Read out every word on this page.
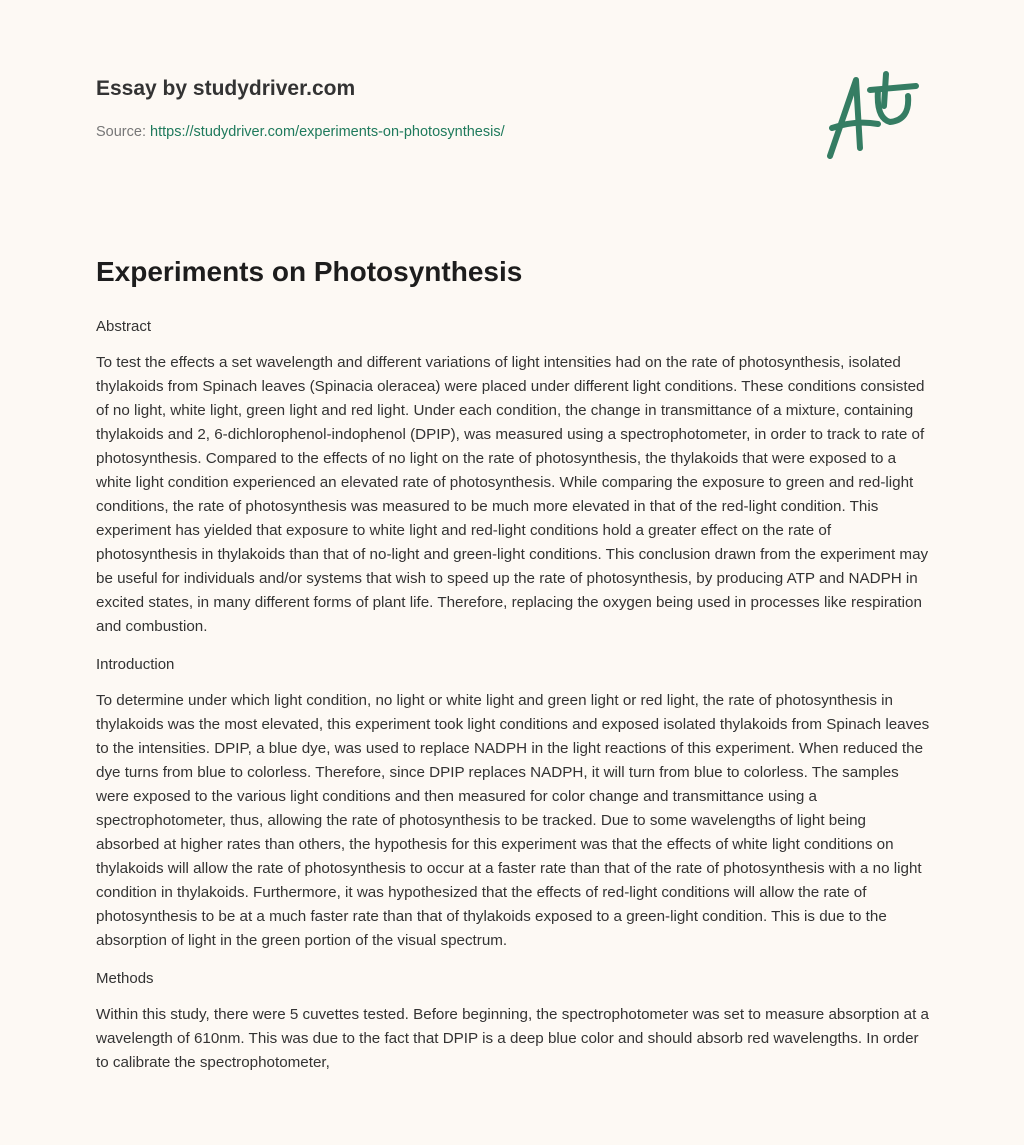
Essay by studydriver.com
Source: https://studydriver.com/experiments-on-photosynthesis/
Experiments on Photosynthesis
Abstract

To test the effects a set wavelength and different variations of light intensities had on the rate of photosynthesis, isolated thylakoids from Spinach leaves (Spinacia oleracea) were placed under different light conditions. These conditions consisted of no light, white light, green light and red light. Under each condition, the change in transmittance of a mixture, containing thylakoids and 2, 6-dichlorophenol-indophenol (DPIP), was measured using a spectrophotometer, in order to track to rate of photosynthesis. Compared to the effects of no light on the rate of photosynthesis, the thylakoids that were exposed to a white light condition experienced an elevated rate of photosynthesis. While comparing the exposure to green and red-light conditions, the rate of photosynthesis was measured to be much more elevated in that of the red-light condition. This experiment has yielded that exposure to white light and red-light conditions hold a greater effect on the rate of photosynthesis in thylakoids than that of no-light and green-light conditions. This conclusion drawn from the experiment may be useful for individuals and/or systems that wish to speed up the rate of photosynthesis, by producing ATP and NADPH in excited states, in many different forms of plant life. Therefore, replacing the oxygen being used in processes like respiration and combustion.

Introduction

To determine under which light condition, no light or white light and green light or red light, the rate of photosynthesis in thylakoids was the most elevated, this experiment took light conditions and exposed isolated thylakoids from Spinach leaves to the intensities. DPIP, a blue dye, was used to replace NADPH in the light reactions of this experiment. When reduced the dye turns from blue to colorless. Therefore, since DPIP replaces NADPH, it will turn from blue to colorless. The samples were exposed to the various light conditions and then measured for color change and transmittance using a spectrophotometer, thus, allowing the rate of photosynthesis to be tracked. Due to some wavelengths of light being absorbed at higher rates than others, the hypothesis for this experiment was that the effects of white light conditions on thylakoids will allow the rate of photosynthesis to occur at a faster rate than that of the rate of photosynthesis with a no light condition in thylakoids. Furthermore, it was hypothesized that the effects of red-light conditions will allow the rate of photosynthesis to be at a much faster rate than that of thylakoids exposed to a green-light condition. This is due to the absorption of light in the green portion of the visual spectrum.

Methods

Within this study, there were 5 cuvettes tested. Before beginning, the spectrophotometer was set to measure absorption at a wavelength of 610nm. This was due to the fact that DPIP is a deep blue color and should absorb red wavelengths. In order to calibrate the spectrophotometer,
